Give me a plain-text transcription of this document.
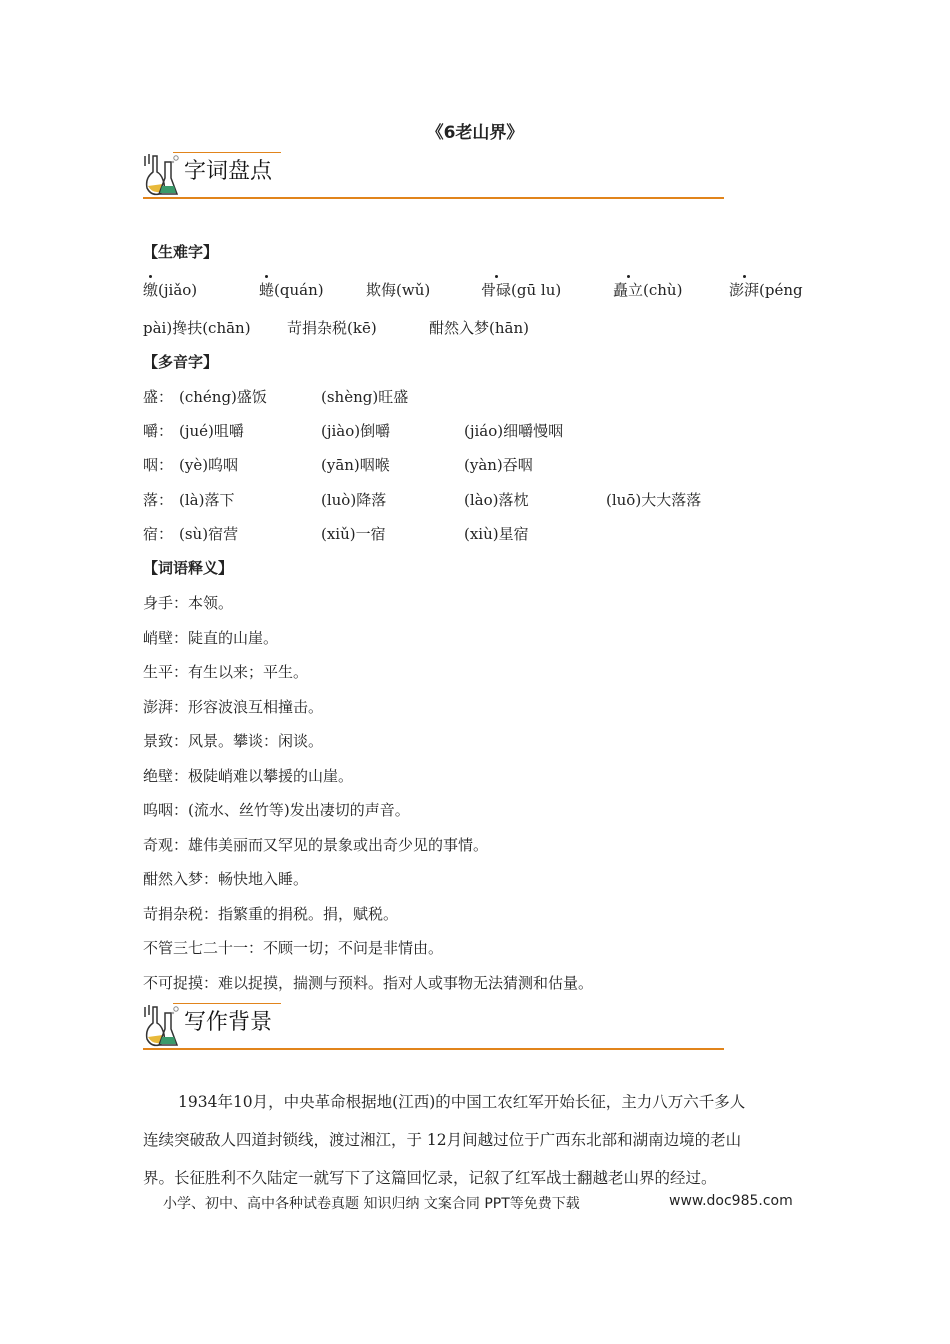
《6老山界》
字词盘点
【生难字】
缴(jiǎo)	蜷(quán)	欺侮(wǔ)	骨碌(gū lu)	矗立(chù)	澎湃(péng
pài)搀扶(chān) 苛捐杂税(kē)	酣然入梦(hān)
【多音字】
盛： (chéng)盛饭	(shèng)旺盛
嚼： (jué)咀嚼	(jiào)倒嚼	(jiáo)细嚼慢咽
咽： (yè)呜咽	(yān)咽喉	(yàn)吞咽
落： (là)落下	(luò)降落	(lào)落枕	(luō)大大落落
宿： (sù)宿营	(xiǔ)一宿	(xiù)星宿
【词语释义】
身手：本领。
峭壁：陡直的山崖。
生平：有生以来；平生。
澎湃：形容波浪互相撞击。
景致：风景。攀谈：闲谈。
绝壁：极陡峭难以攀援的山崖。
呜咽：(流水、丝竹等)发出凄切的声音。
奇观：雄伟美丽而又罕见的景象或出奇少见的事情。
酣然入梦：畅快地入睡。
苛捐杂税：指繁重的捐税。捐，赋税。
不管三七二十一：不顾一切；不问是非情由。
不可捉摸：难以捉摸，揣测与预料。指对人或事物无法猜测和估量。
写作背景
1934年10月，中央革命根据地(江西)的中国工农红军开始长征，主力八万六千多人
连续突破敌人四道封锁线，渡过湘江，于 12月间越过位于广西东北部和湖南边境的老山
界。长征胜利不久陆定一就写下了这篇回忆录，记叙了红军战士翻越老山界的经过。
小学、初中、高中各种试卷真题 知识归纳 文案合同 PPT等免费下载	www.doc985.com
